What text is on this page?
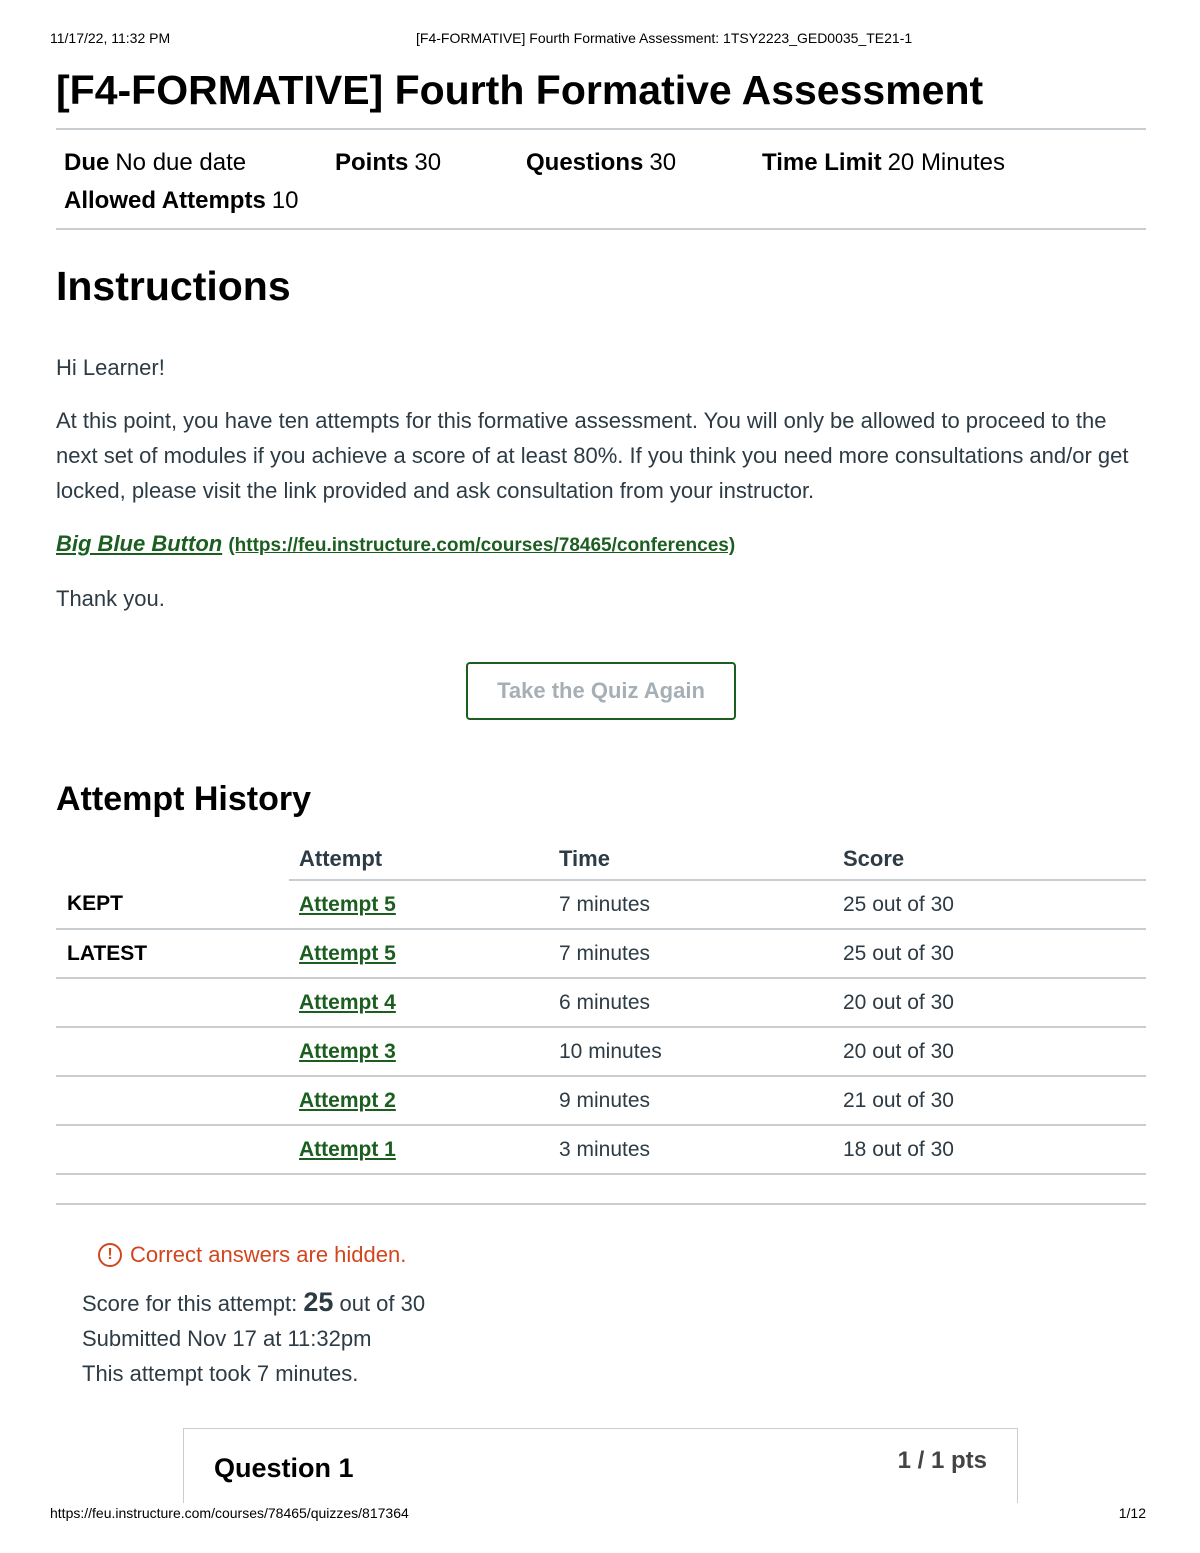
11/17/22, 11:32 PM	[F4-FORMATIVE] Fourth Formative Assessment: 1TSY2223_GED0035_TE21-1
[F4-FORMATIVE] Fourth Formative Assessment
Due No due date	Points 30	Questions 30	Time Limit 20 Minutes
Allowed Attempts 10
Instructions

Hi Learner!

At this point, you have ten attempts for this formative assessment. You will only be allowed to proceed to the next set of modules if you achieve a score of at least 80%. If you think you need more consultations and/or get locked, please visit the link provided and ask consultation from your instructor.

Big Blue Button (https://feu.instructure.com/courses/78465/conferences)

Thank you.

Take the Quiz Again
Attempt History
	Attempt	Time	Score
KEPT	Attempt 5	7 minutes	25 out of 30
LATEST	Attempt 5	7 minutes	25 out of 30
	Attempt 4	6 minutes	20 out of 30
	Attempt 3	10 minutes	20 out of 30
	Attempt 2	9 minutes	21 out of 30
	Attempt 1	3 minutes	18 out of 30

! Correct answers are hidden.
Score for this attempt: 25 out of 30
Submitted Nov 17 at 11:32pm
This attempt took 7 minutes.
Question 1	1 / 1 pts
https://feu.instructure.com/courses/78465/quizzes/817364	1/12
